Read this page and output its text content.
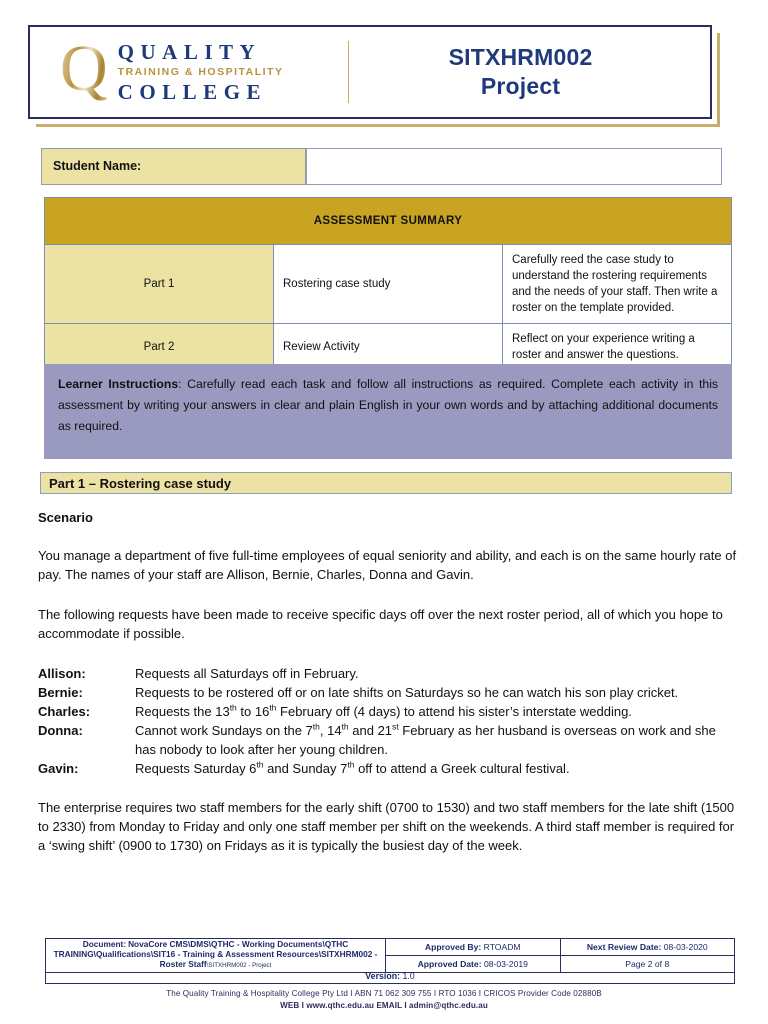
Q QUALITY
TRAINING & HOSPITALITY
COLLEGE
SITXHRM002
Project
Student Name:
ASSESSMENT SUMMARY		
Part 1	Rostering case study	Carefully reed the case study to understand the rostering requirements and the needs of your staff. Then write a roster on the template provided.
Part 2	Review Activity	Reflect on your experience writing a roster and answer the questions.
Learner Instructions: Carefully read each task and follow all instructions as required. Complete each activity in this assessment by writing your answers in clear and plain English in your own words and by attaching additional documents as required.
Part 1 – Rostering case study
Scenario
You manage a department of five full-time employees of equal seniority and ability, and each is on the same hourly rate of pay. The names of your staff are Allison, Bernie, Charles, Donna and Gavin.
The following requests have been made to receive specific days off over the next roster period, all of which you hope to accommodate if possible.
Allison:	Requests all Saturdays off in February.
Bernie:	Requests to be rostered off or on late shifts on Saturdays so he can watch his son play cricket.
Charles:	Requests the 13th to 16th February off (4 days) to attend his sister’s interstate wedding.
Donna:	Cannot work Sundays on the 7th, 14th and 21st February as her husband is overseas on work and she has nobody to look after her young children.
Gavin:	Requests Saturday 6th and Sunday 7th off to attend a Greek cultural festival.
The enterprise requires two staff members for the early shift (0700 to 1530) and two staff members for the late shift (1500 to 2330) from Monday to Friday and only one staff member per shift on the weekends. A third staff member is required for a ‘swing shift’ (0900 to 1730) on Fridays as it is typically the busiest day of the week.
Document: NovaCore CMS\DMS\QTHC - Working Documents\QTHC TRAINING\Qualifications\SIT16 - Training & Assessment Resources\SITXHRM002 - Roster Staff\SITXHRM002 - Project	Approved By: RTOADM	Next Review Date: 08-03-2020
	Approved Date: 08-03-2019	Page 2 of 8
Version: 1.0
The Quality Training & Hospitality College Pty Ltd I ABN 71 062 309 755 I RTO 1036 I CRICOS Provider Code 02880B
WEB I www.qthc.edu.au EMAIL I admin@qthc.edu.au
